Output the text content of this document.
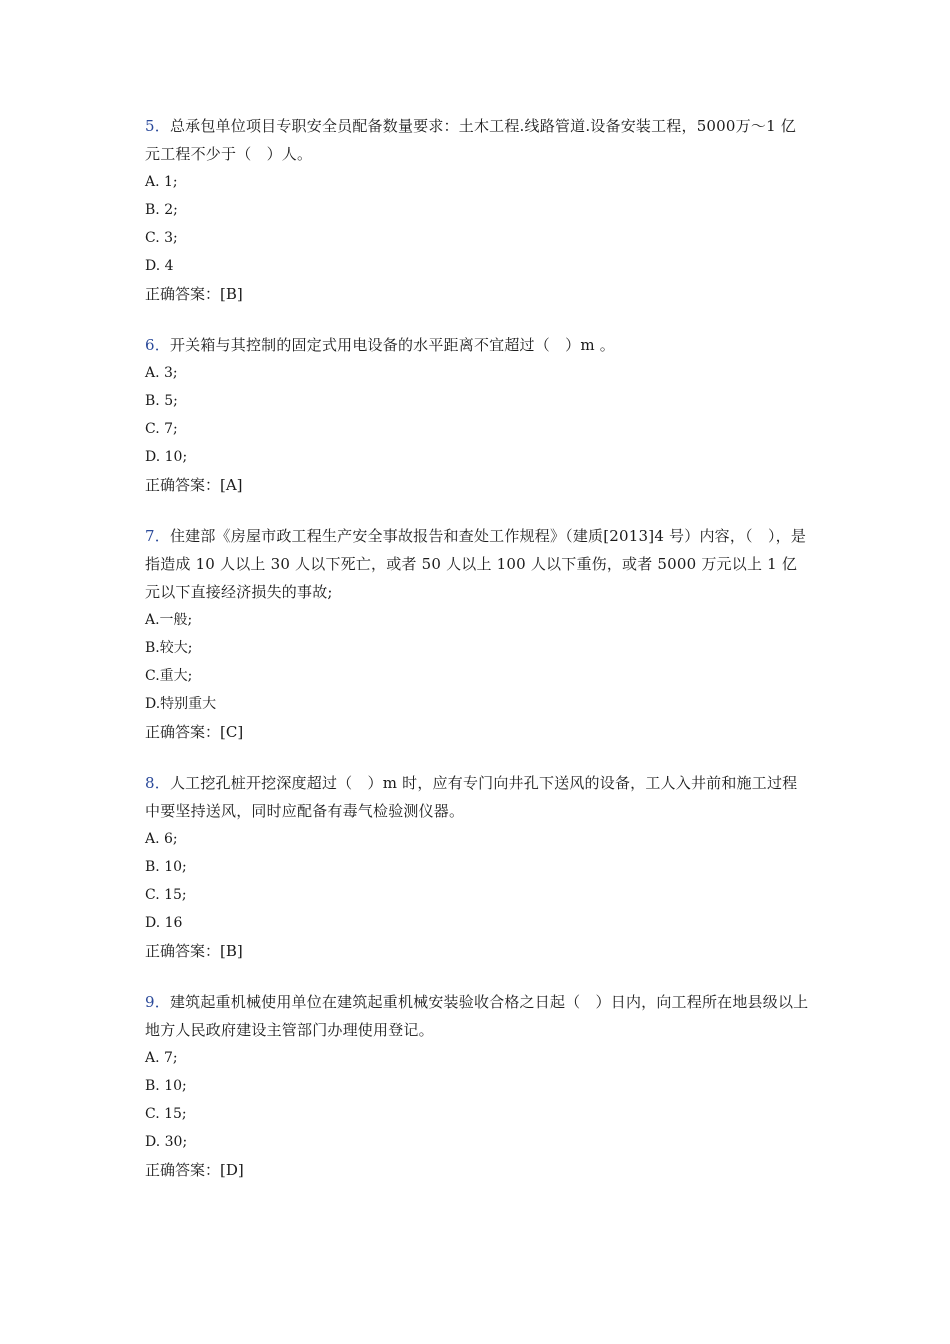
5．总承包单位项目专职安全员配备数量要求：土木工程.线路管道.设备安装工程，5000万～1 亿元工程不少于（　）人。

A. 1;

B. 2;

C. 3;

D. 4

正确答案：[B]

6．开关箱与其控制的固定式用电设备的水平距离不宜超过（　）m 。

A. 3;

B. 5;

C. 7;

D. 10;

正确答案：[A]

7．住建部《房屋市政工程生产安全事故报告和查处工作规程》（建质[2013]4 号）内容，（　），是指造成 10 人以上 30 人以下死亡，或者 50 人以上 100 人以下重伤，或者 5000 万元以上 1 亿元以下直接经济损失的事故;

A.一般;

B.较大;

C.重大;

D.特别重大

正确答案：[C]

8．人工挖孔桩开挖深度超过（　）m 时，应有专门向井孔下送风的设备，工人入井前和施工过程中要坚持送风，同时应配备有毒气检验测仪器。

A. 6;

B. 10;

C. 15;

D. 16

正确答案：[B]

9．建筑起重机械使用单位在建筑起重机械安装验收合格之日起（　）日内，向工程所在地县级以上地方人民政府建设主管部门办理使用登记。

A. 7;

B. 10;

C. 15;

D. 30;

正确答案：[D]
